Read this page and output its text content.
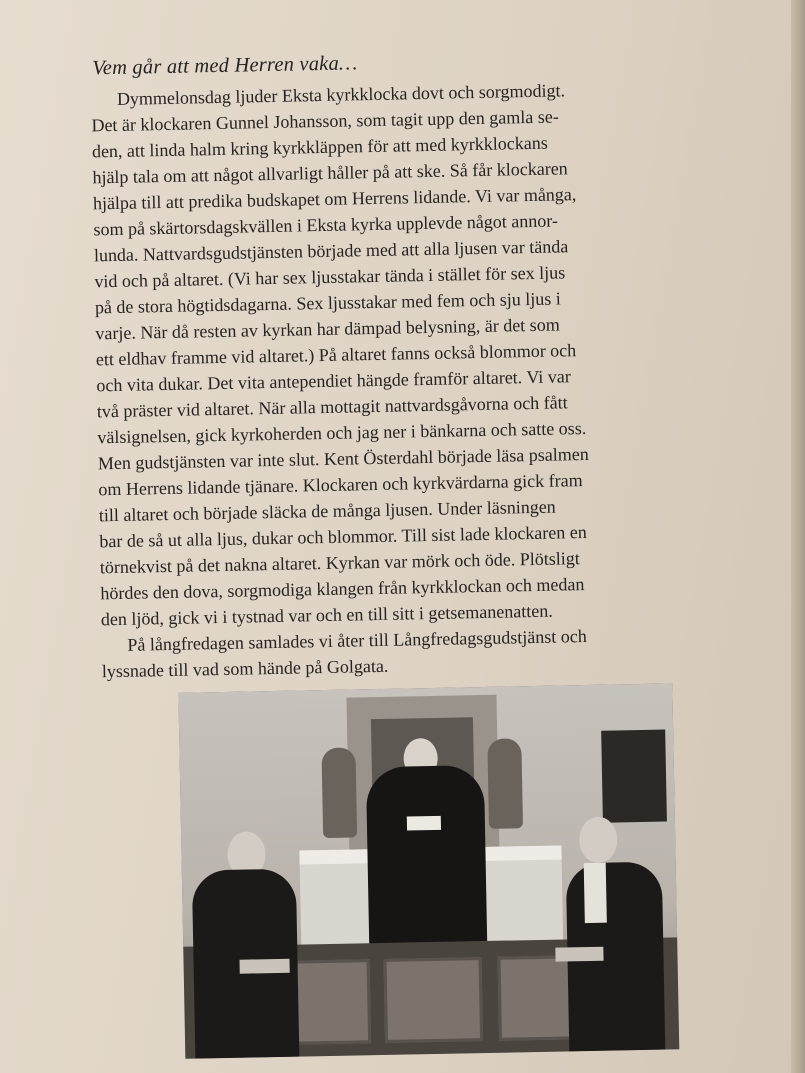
Vem går att med Herren vaka…
Dymmelonsdag ljuder Eksta kyrkklocka dovt och sorgmodigt.
Det är klockaren Gunnel Johansson, som tagit upp den gamla se-
den, att linda halm kring kyrkkläppen för att med kyrkklockans
hjälp tala om att något allvarligt håller på att ske. Så får klockaren
hjälpa till att predika budskapet om Herrens lidande. Vi var många,
som på skärtorsdagskvällen i Eksta kyrka upplevde något annor-
lunda. Nattvardsgudstjänsten började med att alla ljusen var tända
vid och på altaret. (Vi har sex ljusstakar tända i stället för sex ljus
på de stora högtidsdagarna. Sex ljusstakar med fem och sju ljus i
varje. När då resten av kyrkan har dämpad belysning, är det som
ett eldhav framme vid altaret.) På altaret fanns också blommor och
och vita dukar. Det vita antependiet hängde framför altaret. Vi var
två präster vid altaret. När alla mottagit nattvardsgåvorna och fått
välsignelsen, gick kyrkoherden och jag ner i bänkarna och satte oss.
Men gudstjänsten var inte slut. Kent Österdahl började läsa psalmen
om Herrens lidande tjänare. Klockaren och kyrkvärdarna gick fram
till altaret och började släcka de många ljusen. Under läsningen
bar de så ut alla ljus, dukar och blommor. Till sist lade klockaren en
törnekvist på det nakna altaret. Kyrkan var mörk och öde. Plötsligt
hördes den dova, sorgmodiga klangen från kyrkklockan och medan
den ljöd, gick vi i tystnad var och en till sitt i getsemanenatten.
På långfredagen samlades vi åter till Långfredagsgudstjänst och
lyssnade till vad som hände på Golgata.
